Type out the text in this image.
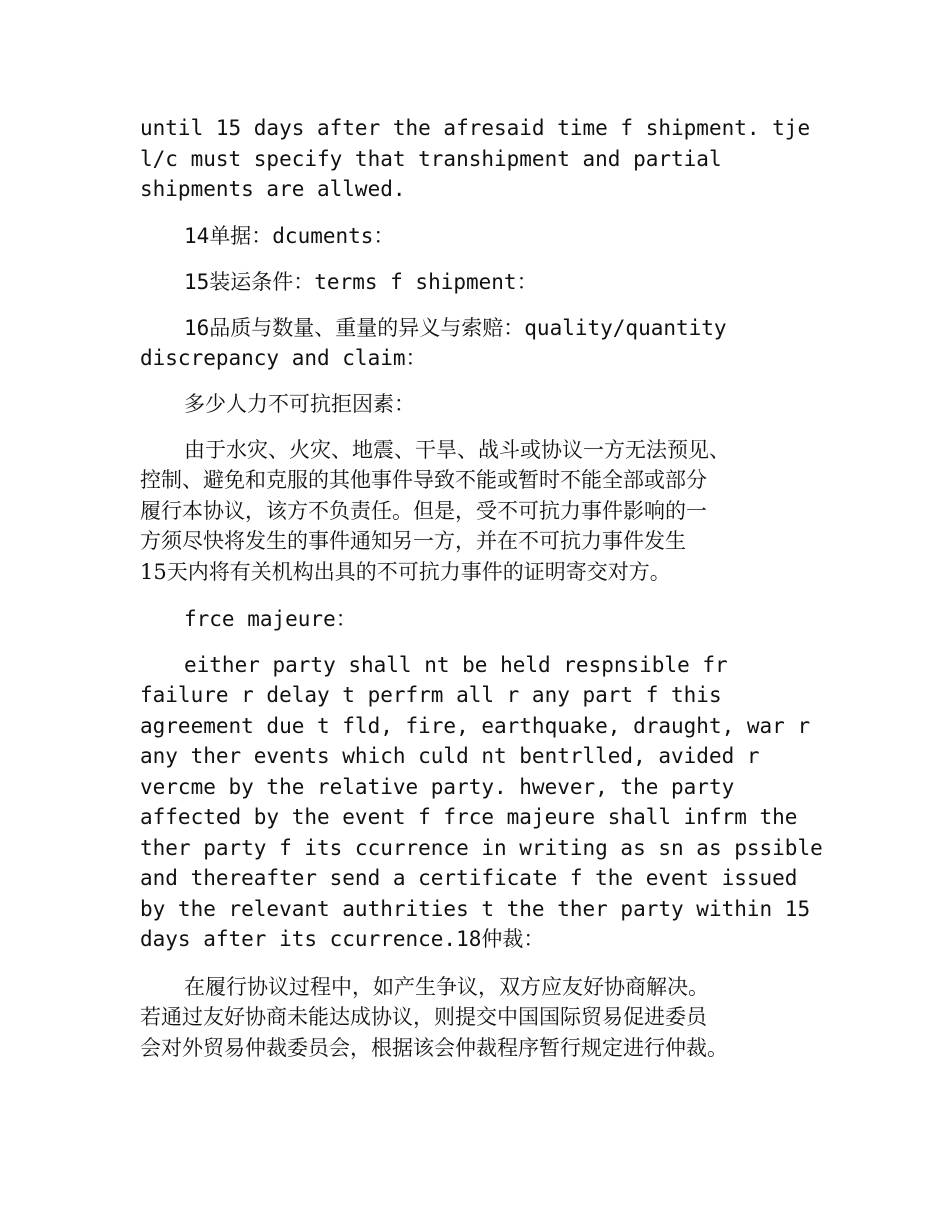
until 15 days after the afresaid time f shipment. tje
l/c must specify that transhipment and partial
shipments are allwed.
14单据：dcuments：
15装运条件：terms f shipment：
16品质与数量、重量的异义与索赔：quality/quantity
discrepancy and claim：
多少人力不可抗拒因素：
由于水灾、火灾、地震、干旱、战斗或协议一方无法预见、
控制、避免和克服的其他事件导致不能或暂时不能全部或部分
履行本协议，该方不负责任。但是，受不可抗力事件影响的一
方须尽快将发生的事件通知另一方，并在不可抗力事件发生
15天内将有关机构出具的不可抗力事件的证明寄交对方。
frce majeure：
either party shall nt be held respnsible fr
failure r delay t perfrm all r any part f this
agreement due t fld, fire, earthquake, draught, war r
any ther events which culd nt bentrlled, avided r
vercme by the relative party. hwever, the party
affected by the event f frce majeure shall infrm the
ther party f its ccurrence in writing as sn as pssible
and thereafter send a certificate f the event issued
by the relevant authrities t the ther party within 15
days after its ccurrence.18仲裁：
在履行协议过程中，如产生争议，双方应友好协商解决。
若通过友好协商未能达成协议，则提交中国国际贸易促进委员
会对外贸易仲裁委员会，根据该会仲裁程序暂行规定进行仲裁。
